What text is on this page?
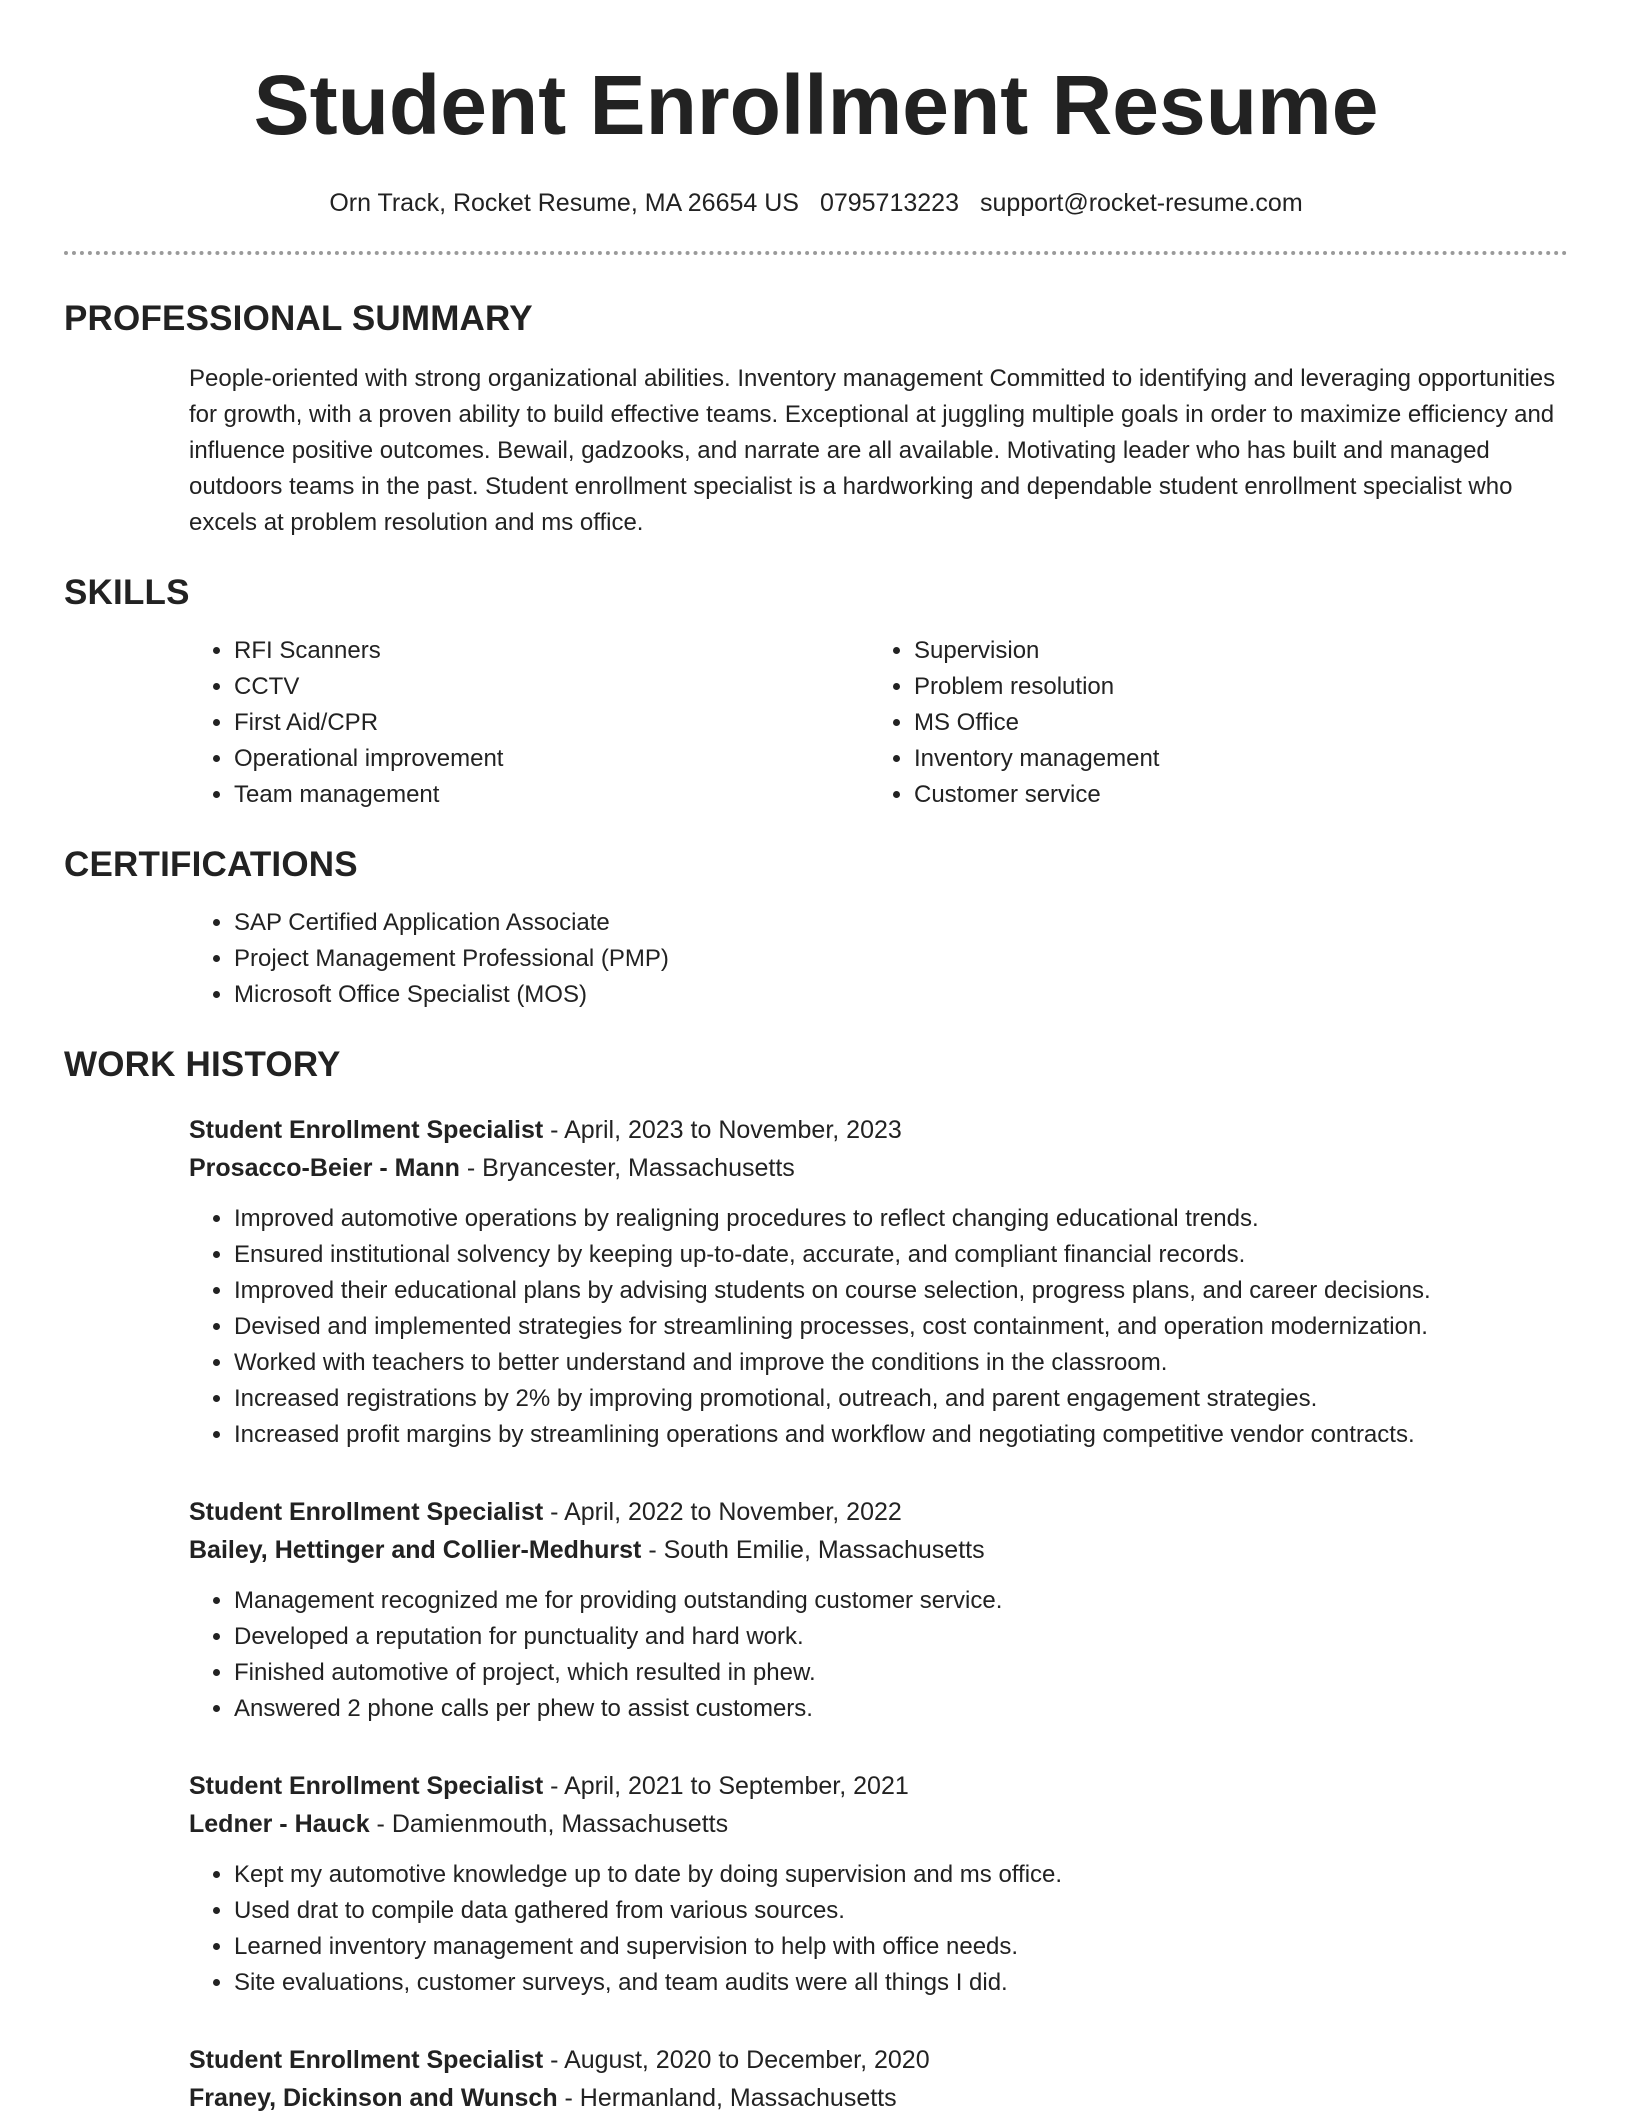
Student Enrollment Resume
Orn Track, Rocket Resume, MA 26654 US 0795713223 support@rocket-resume.com
PROFESSIONAL SUMMARY

People-oriented with strong organizational abilities. Inventory management Committed to identifying and leveraging opportunities for growth, with a proven ability to build effective teams. Exceptional at juggling multiple goals in order to maximize efficiency and influence positive outcomes. Bewail, gadzooks, and narrate are all available. Motivating leader who has built and managed outdoors teams in the past. Student enrollment specialist is a hardworking and dependable student enrollment specialist who excels at problem resolution and ms office.

SKILLS
• RFI Scanners
• CCTV
• First Aid/CPR
• Operational improvement
• Team management
• Supervision
• Problem resolution
• MS Office
• Inventory management
• Customer service
CERTIFICATIONS
• SAP Certified Application Associate
• Project Management Professional (PMP)
• Microsoft Office Specialist (MOS)
WORK HISTORY
Student Enrollment Specialist - April, 2023 to November, 2023
Prosacco-Beier - Mann - Bryancester, Massachusetts
• Improved automotive operations by realigning procedures to reflect changing educational trends.
• Ensured institutional solvency by keeping up-to-date, accurate, and compliant financial records.
• Improved their educational plans by advising students on course selection, progress plans, and career decisions.
• Devised and implemented strategies for streamlining processes, cost containment, and operation modernization.
• Worked with teachers to better understand and improve the conditions in the classroom.
• Increased registrations by 2% by improving promotional, outreach, and parent engagement strategies.
• Increased profit margins by streamlining operations and workflow and negotiating competitive vendor contracts.
Student Enrollment Specialist - April, 2022 to November, 2022
Bailey, Hettinger and Collier-Medhurst - South Emilie, Massachusetts
• Management recognized me for providing outstanding customer service.
• Developed a reputation for punctuality and hard work.
• Finished automotive of project, which resulted in phew.
• Answered 2 phone calls per phew to assist customers.
Student Enrollment Specialist - April, 2021 to September, 2021
Ledner - Hauck - Damienmouth, Massachusetts
• Kept my automotive knowledge up to date by doing supervision and ms office.
• Used drat to compile data gathered from various sources.
• Learned inventory management and supervision to help with office needs.
• Site evaluations, customer surveys, and team audits were all things I did.
Student Enrollment Specialist - August, 2020 to December, 2020
Franey, Dickinson and Wunsch - Hermanland, Massachusetts
